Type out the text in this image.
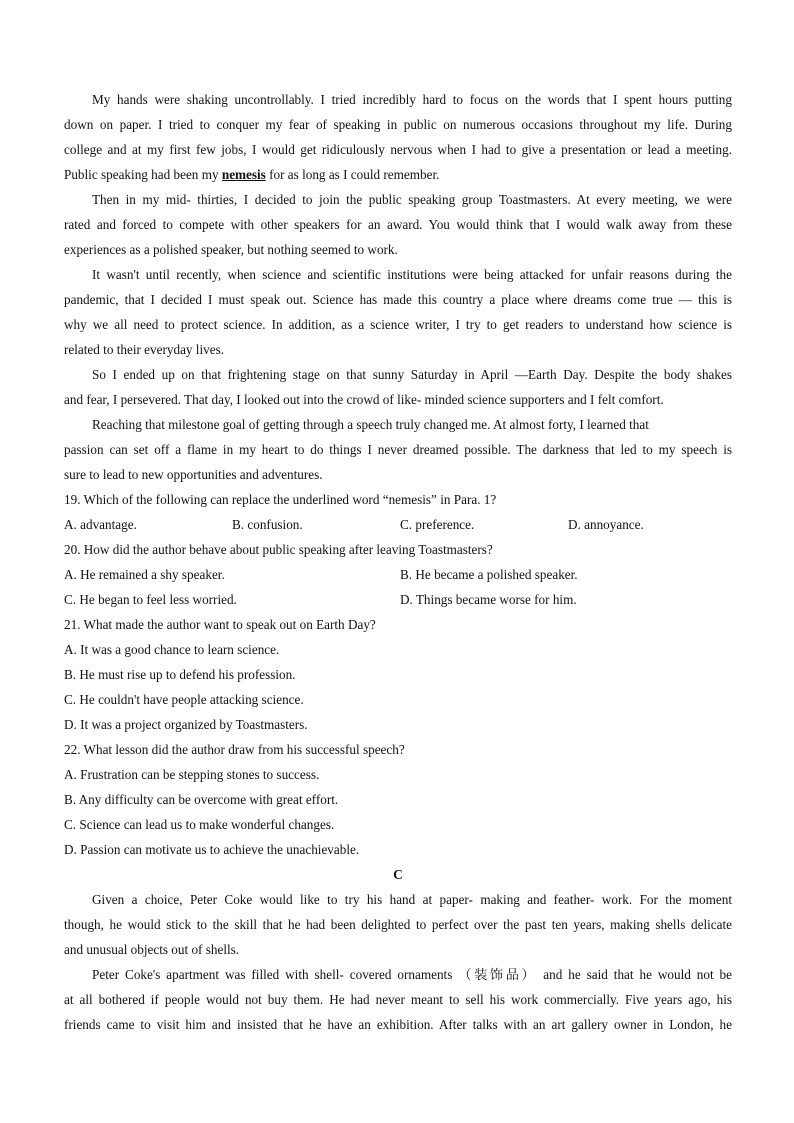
My hands were shaking uncontrollably. I tried incredibly hard to focus on the words that I spent hours putting
down on paper. I tried to conquer my fear of speaking in public on numerous occasions throughout my life. During
college and at my first few jobs, I would get ridiculously nervous when I had to give a presentation or lead a meeting.
Public speaking had been my nemesis for as long as I could remember.
Then in my mid- thirties, I decided to join the public speaking group Toastmasters. At every meeting, we were
rated and forced to compete with other speakers for an award. You would think that I would walk away from these
experiences as a polished speaker, but nothing seemed to work.
It wasn't until recently, when science and scientific institutions were being attacked for unfair reasons during the
pandemic, that I decided I must speak out. Science has made this country a place where dreams come true — this is
why we all need to protect science. In addition, as a science writer, I try to get readers to understand how science is
related to their everyday lives.
So I ended up on that frightening stage on that sunny Saturday in April —Earth Day. Despite the body shakes
and fear, I persevered. That day, I looked out into the crowd of like- minded science supporters and I felt comfort.
Reaching that milestone goal of getting through a speech truly changed me. At almost forty, I learned that
passion can set off a flame in my heart to do things I never dreamed possible. The darkness that led to my speech is
sure to lead to new opportunities and adventures.
19. Which of the following can replace the underlined word “nemesis” in Para. 1?
A. advantage.	B. confusion.	C. preference.	D. annoyance.
20. How did the author behave about public speaking after leaving Toastmasters?
A. He remained a shy speaker.	B. He became a polished speaker.
C. He began to feel less worried.	D. Things became worse for him.
21. What made the author want to speak out on Earth Day?
A. It was a good chance to learn science.
B. He must rise up to defend his profession.
C. He couldn't have people attacking science.
D. It was a project organized by Toastmasters.
22. What lesson did the author draw from his successful speech?
A. Frustration can be stepping stones to success.
B. Any difficulty can be overcome with great effort.
C. Science can lead us to make wonderful changes.
D. Passion can motivate us to achieve the unachievable.
C
Given a choice, Peter Coke would like to try his hand at paper- making and feather- work. For the moment
though, he would stick to the skill that he had been delighted to perfect over the past ten years, making shells delicate
and unusual objects out of shells.
Peter Coke's apartment was filled with shell- covered ornaments （装饰品） and he said that he would not be
at all bothered if people would not buy them. He had never meant to sell his work commercially. Five years ago, his
friends came to visit him and insisted that he have an exhibition. After talks with an art gallery owner in London, he
